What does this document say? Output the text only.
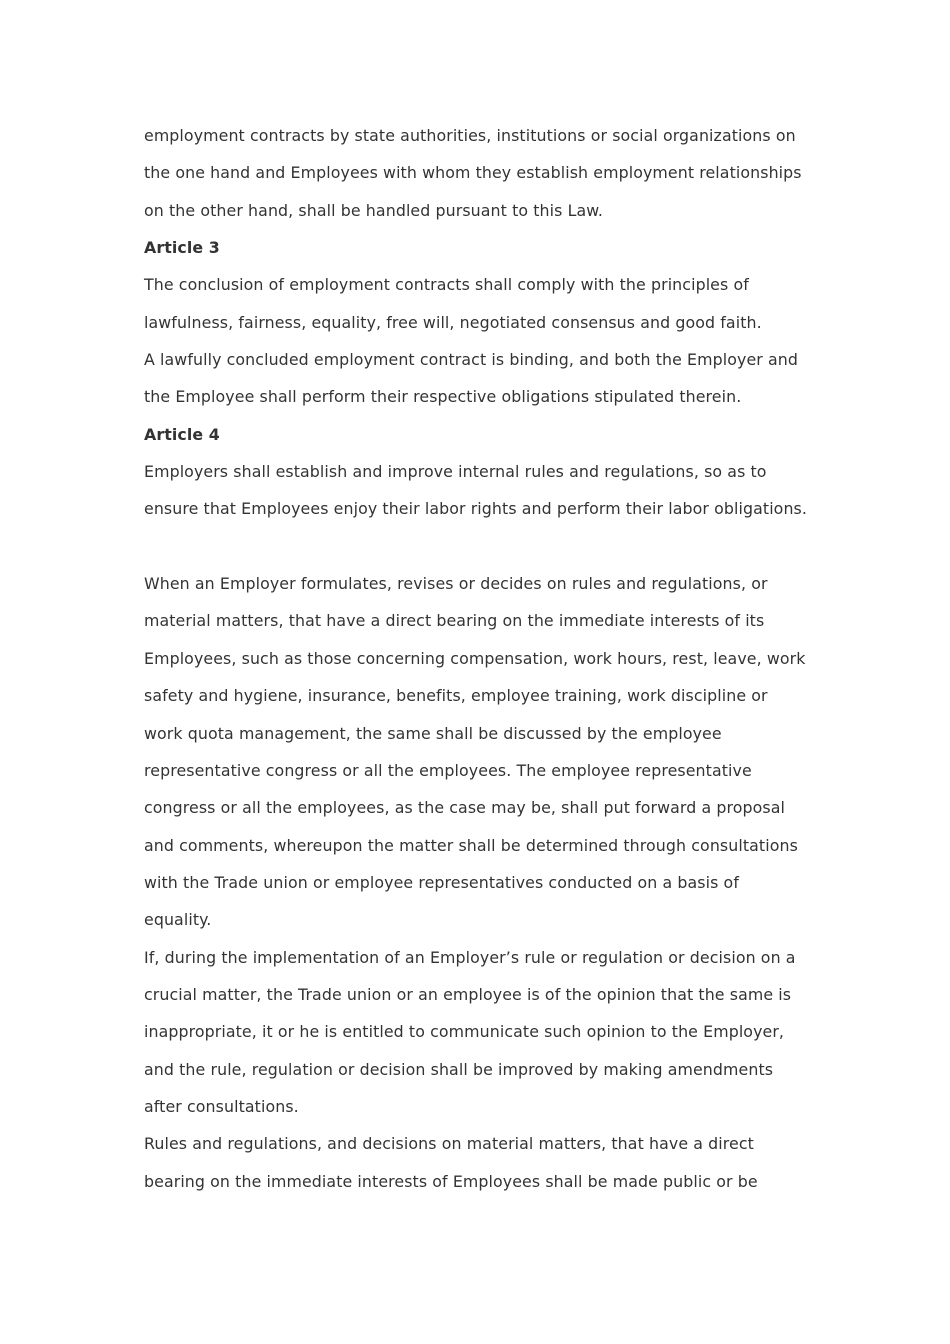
employment contracts by state authorities, institutions or social organizations on
the one hand and Employees with whom they establish employment relationships
on the other hand, shall be handled pursuant to this Law.
Article 3
The conclusion of employment contracts shall comply with the principles of
lawfulness, fairness, equality, free will, negotiated consensus and good faith.
A lawfully concluded employment contract is binding, and both the Employer and
the Employee shall perform their respective obligations stipulated therein.
Article 4
Employers shall establish and improve internal rules and regulations, so as to
ensure that Employees enjoy their labor rights and perform their labor obligations.
When an Employer formulates, revises or decides on rules and regulations, or
material matters, that have a direct bearing on the immediate interests of its
Employees, such as those concerning compensation, work hours, rest, leave, work
safety and hygiene, insurance, benefits, employee training, work discipline or
work quota management, the same shall be discussed by the employee
representative congress or all the employees. The employee representative
congress or all the employees, as the case may be, shall put forward a proposal
and comments, whereupon the matter shall be determined through consultations
with the Trade union or employee representatives conducted on a basis of
equality.
If, during the implementation of an Employer’s rule or regulation or decision on a
crucial matter, the Trade union or an employee is of the opinion that the same is
inappropriate, it or he is entitled to communicate such opinion to the Employer,
and the rule, regulation or decision shall be improved by making amendments
after consultations.
Rules and regulations, and decisions on material matters, that have a direct
bearing on the immediate interests of Employees shall be made public or be
